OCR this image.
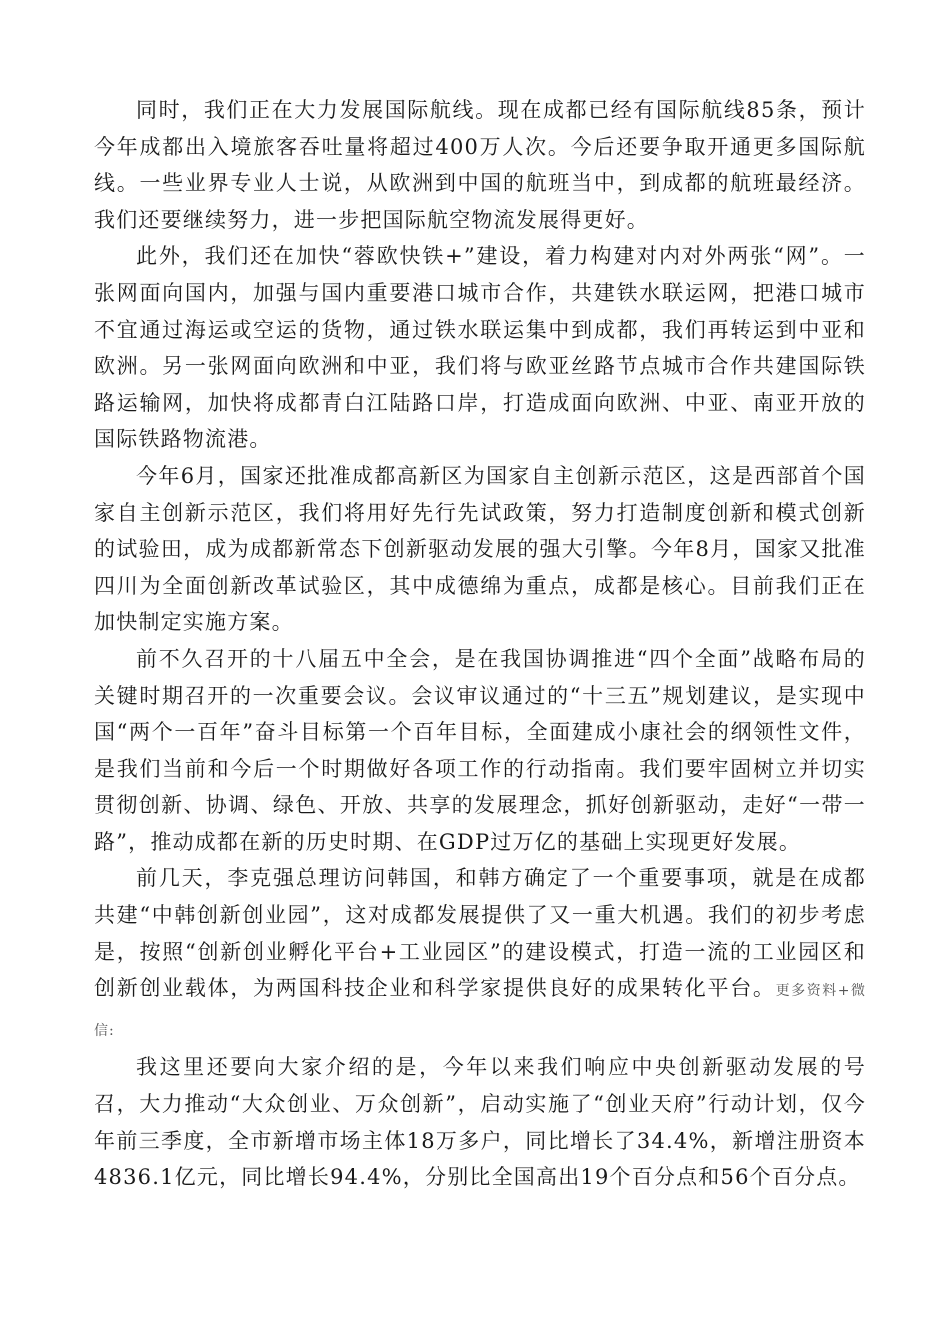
同时，我们正在大力发展国际航线。现在成都已经有国际航线85条，预计今年成都出入境旅客吞吐量将超过400万人次。今后还要争取开通更多国际航线。一些业界专业人士说，从欧洲到中国的航班当中，到成都的航班最经济。我们还要继续努力，进一步把国际航空物流发展得更好。

此外，我们还在加快“蓉欧快铁+”建设，着力构建对内对外两张“网”。一张网面向国内，加强与国内重要港口城市合作，共建铁水联运网，把港口城市不宜通过海运或空运的货物，通过铁水联运集中到成都，我们再转运到中亚和欧洲。另一张网面向欧洲和中亚，我们将与欧亚丝路节点城市合作共建国际铁路运输网，加快将成都青白江陆路口岸，打造成面向欧洲、中亚、南亚开放的国际铁路物流港。

今年6月，国家还批准成都高新区为国家自主创新示范区，这是西部首个国家自主创新示范区，我们将用好先行先试政策，努力打造制度创新和模式创新的试验田，成为成都新常态下创新驱动发展的强大引擎。今年8月，国家又批准四川为全面创新改革试验区，其中成德绵为重点，成都是核心。目前我们正在加快制定实施方案。

前不久召开的十八届五中全会，是在我国协调推进“四个全面”战略布局的关键时期召开的一次重要会议。会议审议通过的“十三五”规划建议，是实现中国“两个一百年”奋斗目标第一个百年目标，全面建成小康社会的纲领性文件，是我们当前和今后一个时期做好各项工作的行动指南。我们要牢固树立并切实贯彻创新、协调、绿色、开放、共享的发展理念，抓好创新驱动，走好“一带一路”，推动成都在新的历史时期、在GDP过万亿的基础上实现更好发展。

前几天，李克强总理访问韩国，和韩方确定了一个重要事项，就是在成都共建“中韩创新创业园”，这对成都发展提供了又一重大机遇。我们的初步考虑是，按照“创新创业孵化平台+工业园区”的建设模式，打造一流的工业园区和创新创业载体，为两国科技企业和科学家提供良好的成果转化平台。更多资料+微 信:

我这里还要向大家介绍的是，今年以来我们响应中央创新驱动发展的号召，大力推动“大众创业、万众创新”，启动实施了“创业天府”行动计划，仅今年前三季度，全市新增市场主体18万多户，同比增长了34.4%，新增注册资本4836.1亿元，同比增长94.4%，分别比全国高出19个百分点和56个百分点。
